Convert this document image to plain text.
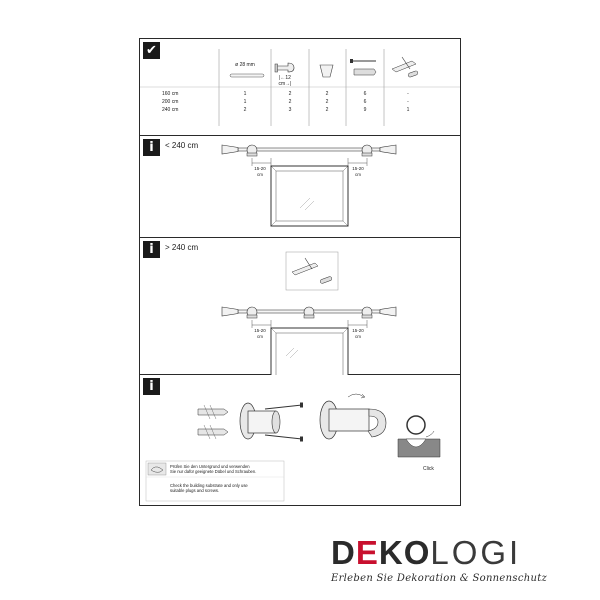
✔
ø 28 mm
|←12 cm→|
160 cm	1	2	2	6	-
200 cm	1	2	2	6	-
240 cm	2	3	2	9	1
i	< 240 cm
15-20
cm
15-20
cm
i	> 240 cm
15-20
cm
15-20
cm
i
Click
Prüfen Sie den Untergrund und verwenden
Sie nur dafür geeignete Dübel und Schrauben.
Check the building substrate and only use
suitable plugs and screws.
DEKOLOGI
Erleben Sie Dekoration & Sonnenschutz
